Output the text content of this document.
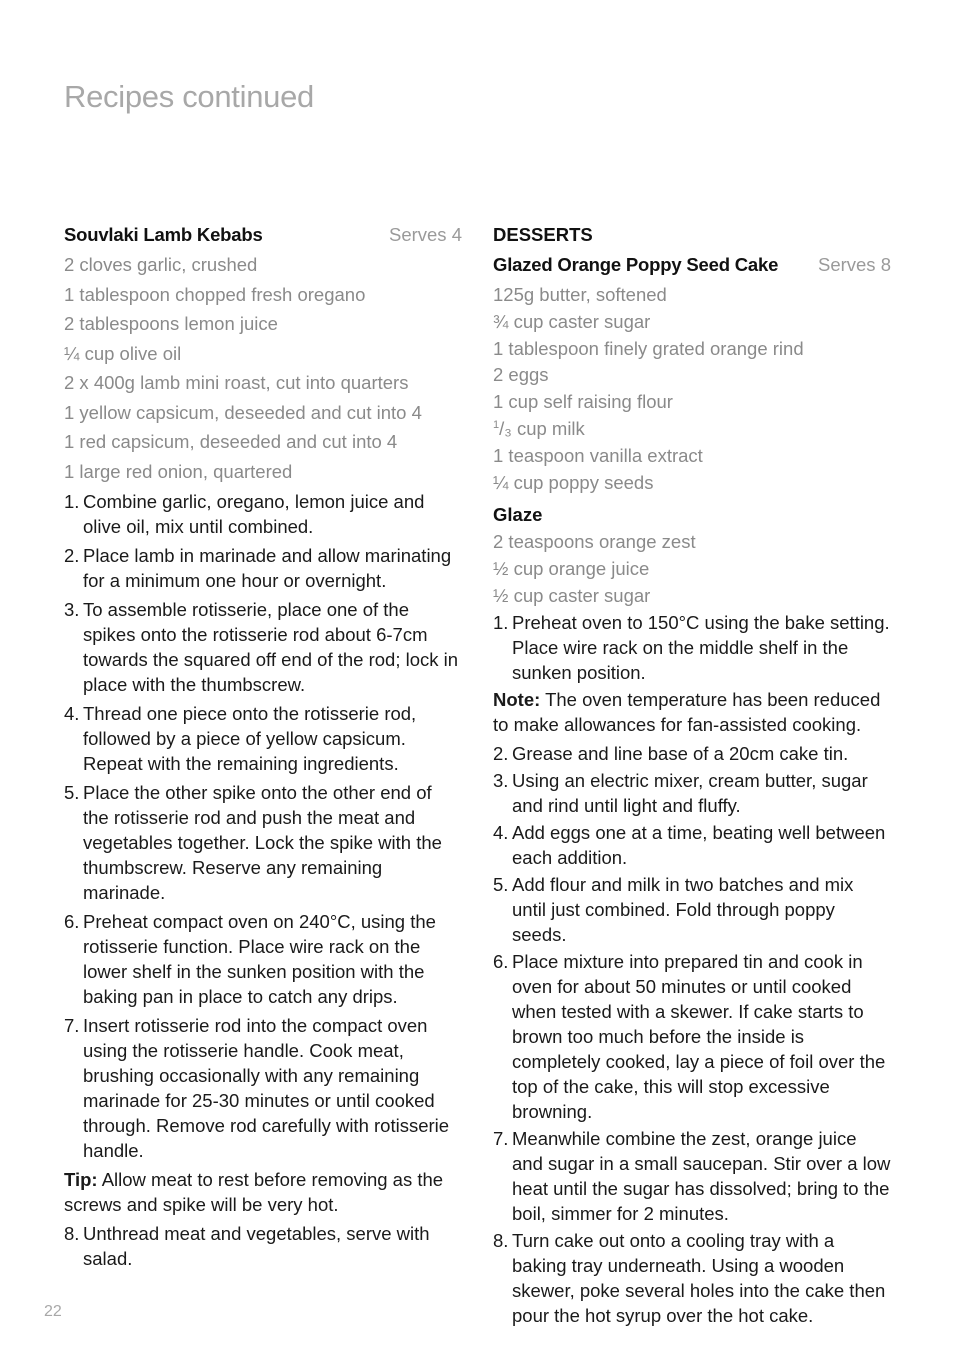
Recipes continued
Souvlaki Lamb Kebabs	Serves 4
2 cloves garlic, crushed
1 tablespoon chopped fresh oregano
2 tablespoons lemon juice
¼ cup olive oil
2 x 400g lamb mini roast, cut into quarters
1 yellow capsicum, deseeded and cut into 4
1 red capsicum, deseeded and cut into 4
1 large red onion, quartered
1. Combine garlic, oregano, lemon juice and olive oil, mix until combined.
2. Place lamb in marinade and allow marinating for a minimum one hour or overnight.
3. To assemble rotisserie, place one of the spikes onto the rotisserie rod about 6-7cm towards the squared off end of the rod; lock in place with the thumbscrew.
4. Thread one piece onto the rotisserie rod, followed by a piece of yellow capsicum. Repeat with the remaining ingredients.
5. Place the other spike onto the other end of the rotisserie rod and push the meat and vegetables together. Lock the spike with the thumbscrew. Reserve any remaining marinade.
6. Preheat compact oven on 240°C, using the rotisserie function. Place wire rack on the lower shelf in the sunken position with the baking pan in place to catch any drips.
7. Insert rotisserie rod into the compact oven using the rotisserie handle. Cook meat, brushing occasionally with any remaining marinade for 25-30 minutes or until cooked through. Remove rod carefully with rotisserie handle.
Tip: Allow meat to rest before removing as the screws and spike will be very hot.
8. Unthread meat and vegetables, serve with salad.
DESSERTS
Glazed Orange Poppy Seed Cake Serves 8
125g butter, softened
¾ cup caster sugar
1 tablespoon finely grated orange rind
2 eggs
1 cup self raising flour
$^1$/₃ cup milk
1 teaspoon vanilla extract
¼ cup poppy seeds
Glaze
2 teaspoons orange zest
½ cup orange juice
½ cup caster sugar
1. Preheat oven to 150°C using the bake setting. Place wire rack on the middle shelf in the sunken position.
Note: The oven temperature has been reduced to make allowances for fan-assisted cooking.
2. Grease and line base of a 20cm cake tin.
3. Using an electric mixer, cream butter, sugar and rind until light and fluffy.
4. Add eggs one at a time, beating well between each addition.
5. Add flour and milk in two batches and mix until just combined. Fold through poppy seeds.
6. Place mixture into prepared tin and cook in oven for about 50 minutes or until cooked when tested with a skewer. If cake starts to brown too much before the inside is completely cooked, lay a piece of foil over the top of the cake, this will stop excessive browning.
7. Meanwhile combine the zest, orange juice and sugar in a small saucepan. Stir over a low heat until the sugar has dissolved; bring to the boil, simmer for 2 minutes.
8. Turn cake out onto a cooling tray with a baking tray underneath. Using a wooden skewer, poke several holes into the cake then pour the hot syrup over the hot cake.
22
